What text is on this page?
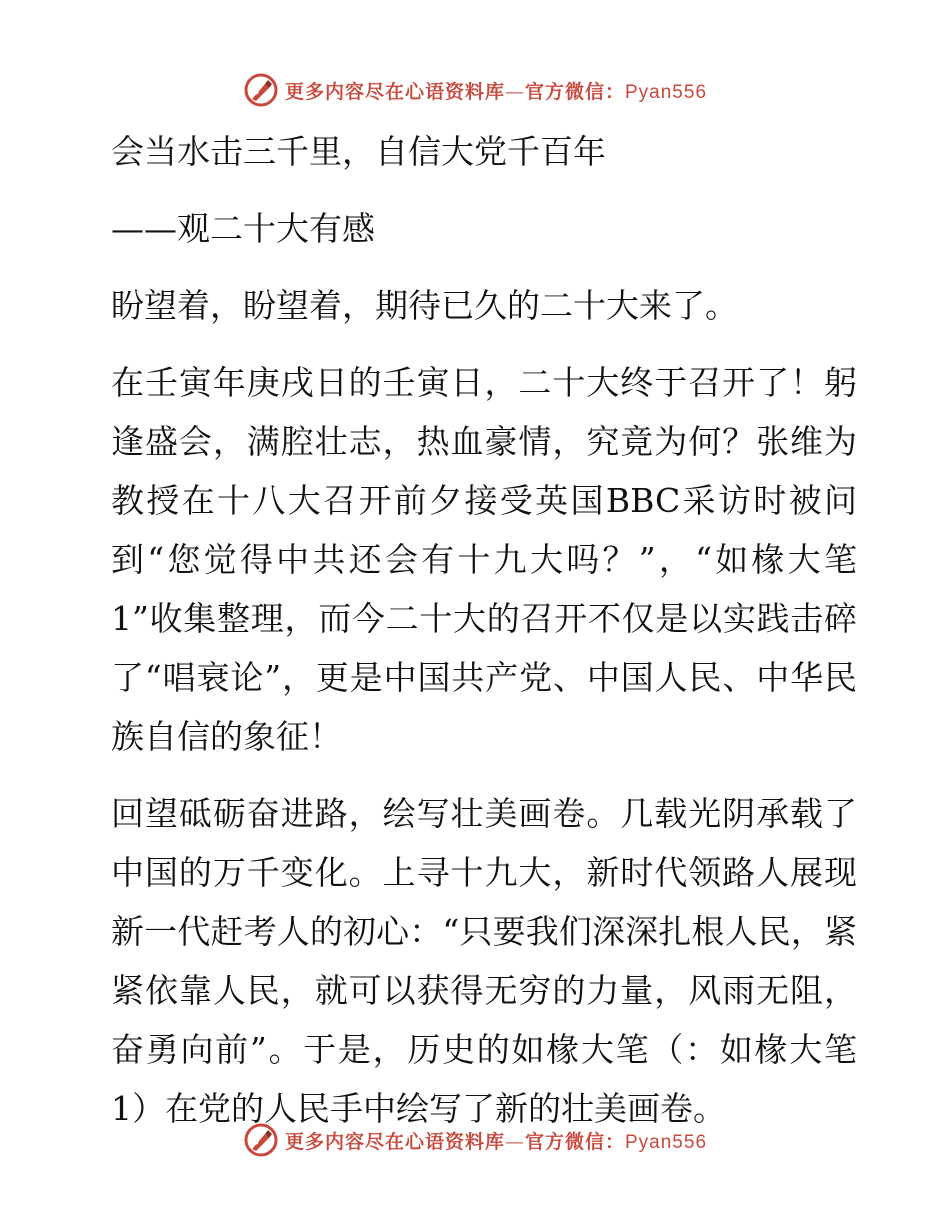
更多内容尽在心语资料库—官方微信：Pyan556

会当水击三千里，自信大党千百年

——观二十大有感

盼望着，盼望着，期待已久的二十大来了。

在壬寅年庚戌日的壬寅日，二十大终于召开了！躬逢盛会，满腔壮志，热血豪情，究竟为何？张维为教授在十八大召开前夕接受英国BBC采访时被问到“您觉得中共还会有十九大吗？”，“如椽大笔1”收集整理，而今二十大的召开不仅是以实践击碎了“唱衰论”，更是中国共产党、中国人民、中华民族自信的象征！

回望砥砺奋进路，绘写壮美画卷。几载光阴承载了中国的万千变化。上寻十九大，新时代领路人展现新一代赶考人的初心：“只要我们深深扎根人民，紧紧依靠人民，就可以获得无穷的力量，风雨无阻，奋勇向前”。于是，历史的如椽大笔（：如椽大笔1）在党的人民手中绘写了新的壮美画卷。

更多内容尽在心语资料库—官方微信：Pyan556
